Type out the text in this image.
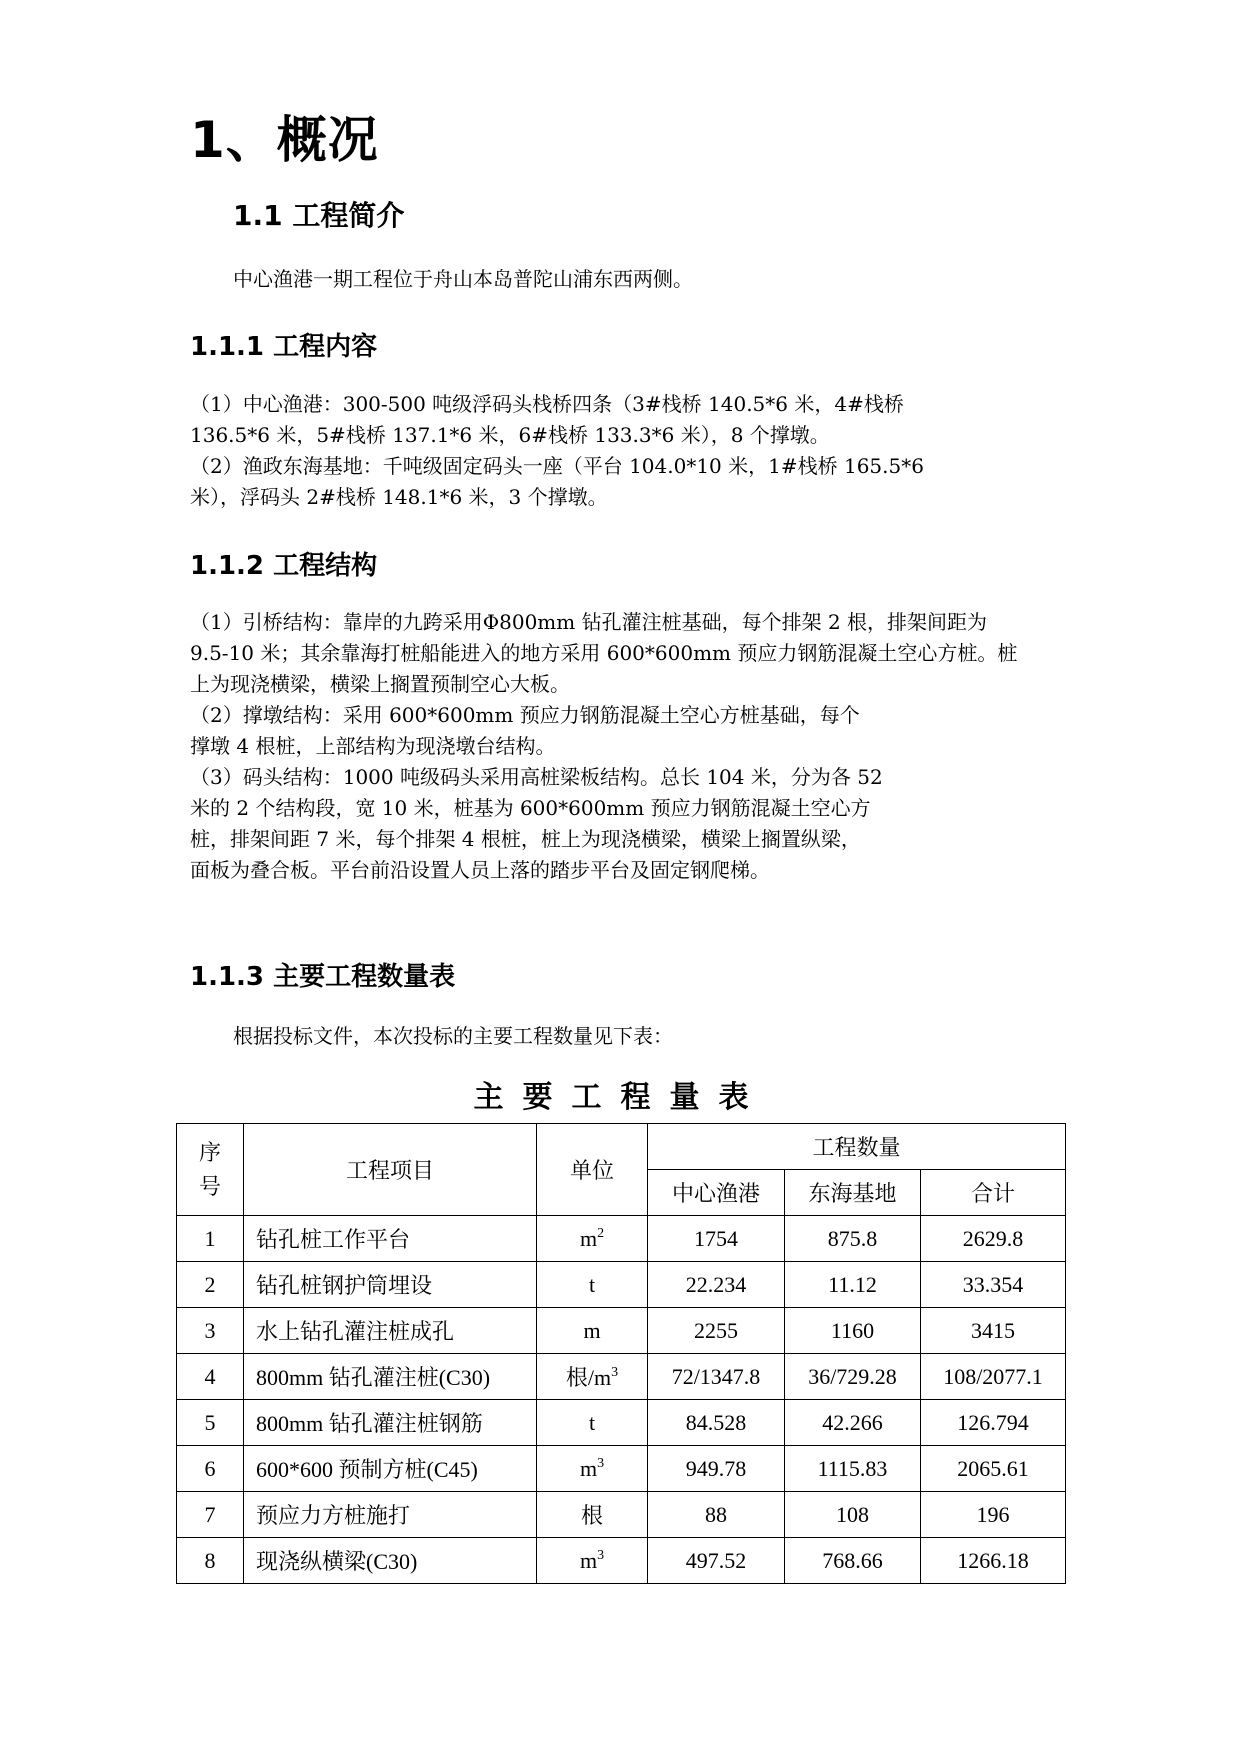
1、概况
1.1 工程简介

中心渔港一期工程位于舟山本岛普陀山浦东西两侧。

1.1.1 工程内容
（1）中心渔港：300-500 吨级浮码头栈桥四条（3#栈桥 140.5*6 米，4#栈桥
136.5*6 米，5#栈桥 137.1*6 米，6#栈桥 133.3*6 米），8 个撑墩。
（2）渔政东海基地：千吨级固定码头一座（平台 104.0*10 米，1#栈桥 165.5*6
米），浮码头 2#栈桥 148.1*6 米，3 个撑墩。
1.1.2 工程结构
（1）引桥结构：靠岸的九跨采用Φ800mm 钻孔灌注桩基础，每个排架 2 根，排架间距为
9.5-10 米；其余靠海打桩船能进入的地方采用 600*600mm 预应力钢筋混凝土空心方桩。桩
上为现浇横梁，横梁上搁置预制空心大板。
（2）撑墩结构：采用 600*600mm 预应力钢筋混凝土空心方桩基础，每个
撑墩 4 根桩，上部结构为现浇墩台结构。
（3）码头结构：1000 吨级码头采用高桩梁板结构。总长 104 米，分为各 52
米的 2 个结构段，宽 10 米，桩基为 600*600mm 预应力钢筋混凝土空心方
桩，排架间距 7 米，每个排架 4 根桩，桩上为现浇横梁，横梁上搁置纵梁，
面板为叠合板。平台前沿设置人员上落的踏步平台及固定钢爬梯。
1.1.3 主要工程数量表

根据投标文件，本次投标的主要工程数量见下表：

主要工程量表
序号	工程项目	单位	工程数量		
			中心渔港	东海基地	合计
1	钻孔桩工作平台	$m^2$	1754	875.8	2629.8
2	钻孔桩钢护筒埋设	t	22.234	11.12	33.354
3	水上钻孔灌注桩成孔	m	2255	1160	3415
4	800mm 钻孔灌注桩(C30)	根$/m^3$	72/1347.8	36/729.28	108/2077.1
5	800mm 钻孔灌注桩钢筋	t	84.528	42.266	126.794
6	600*600 预制方桩(C45)	$m^3$	949.78	1115.83	2065.61
7	预应力方桩施打	根	88	108	196
8	现浇纵横梁(C30)	$m^3$	497.52	768.66	1266.18
